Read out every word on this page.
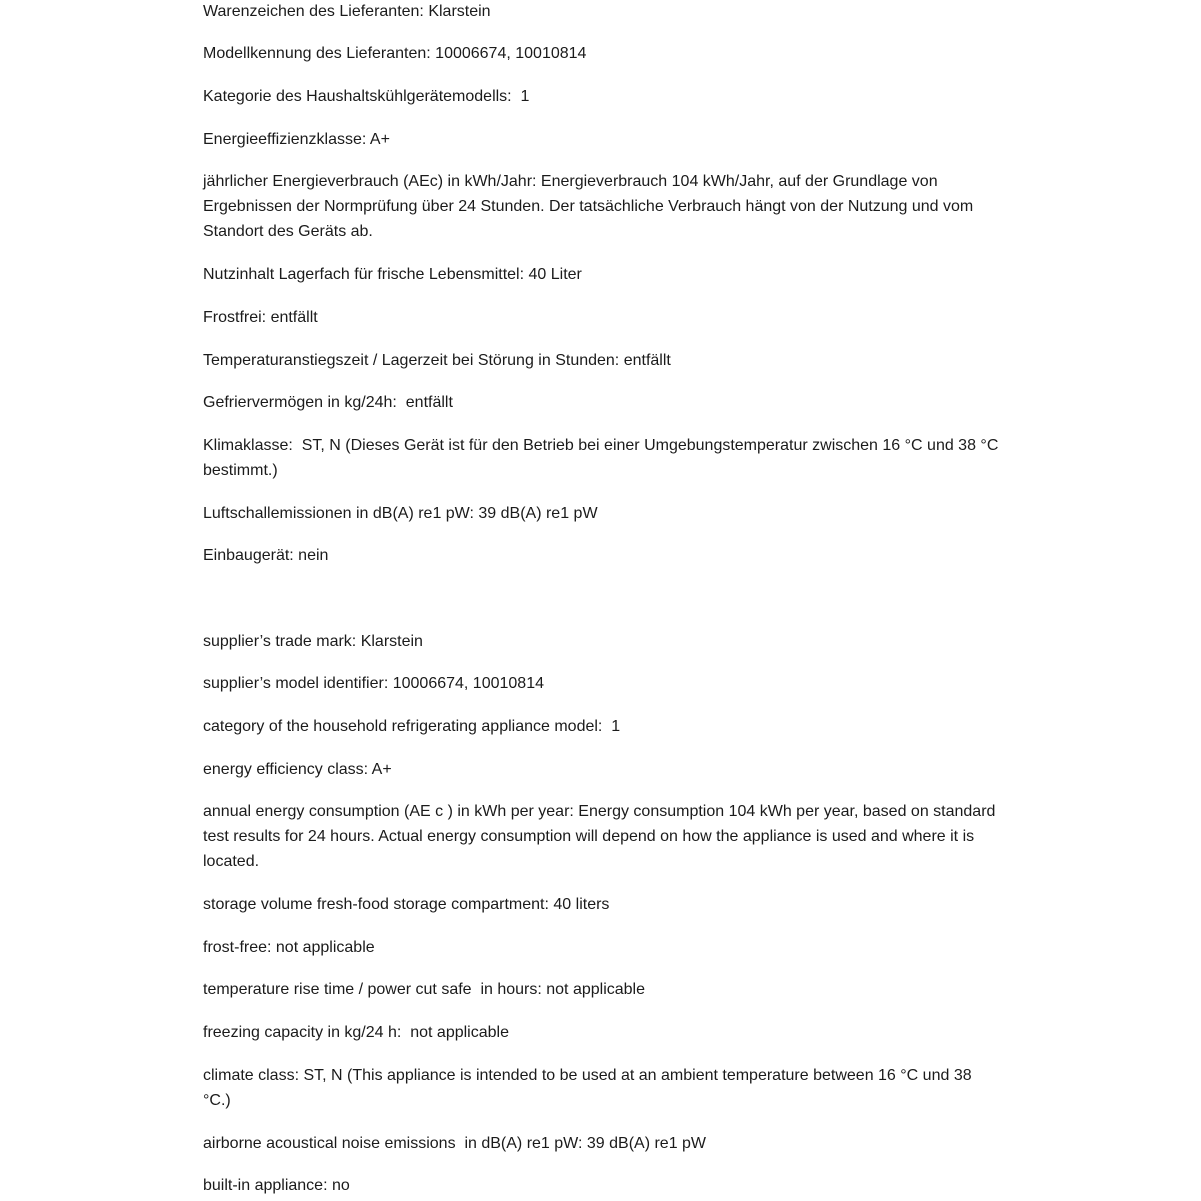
Warenzeichen des Lieferanten: Klarstein

Modellkennung des Lieferanten: 10006674, 10010814

Kategorie des Haushaltskühlgerätemodells:  1

Energieeffizienzklasse: A+

jährlicher Energieverbrauch (AEc) in kWh/Jahr: Energieverbrauch 104 kWh/Jahr, auf der Grundlage von
Ergebnissen der Normprüfung über 24 Stunden. Der tatsächliche Verbrauch hängt von der Nutzung und vom
Standort des Geräts ab.

Nutzinhalt Lagerfach für frische Lebensmittel: 40 Liter

Frostfrei: entfällt

Temperaturanstiegszeit / Lagerzeit bei Störung in Stunden: entfällt

Gefriervermögen in kg/24h:  entfällt

Klimaklasse:  ST, N (Dieses Gerät ist für den Betrieb bei einer Umgebungstemperatur zwischen 16 °C und 38 °C
bestimmt.)

Luftschallemissionen in dB(A) re1 pW: 39 dB(A) re1 pW

Einbaugerät: nein

supplier’s trade mark: Klarstein

supplier’s model identifier: 10006674, 10010814

category of the household refrigerating appliance model:  1

energy efficiency class: A+

annual energy consumption (AE c ) in kWh per year: Energy consumption 104 kWh per year, based on standard
test results for 24 hours. Actual energy consumption will depend on how the appliance is used and where it is
located.

storage volume fresh-food storage compartment: 40 liters

frost-free: not applicable

temperature rise time / power cut safe  in hours: not applicable

freezing capacity in kg/24 h:  not applicable

climate class: ST, N (This appliance is intended to be used at an ambient temperature between 16 °C und 38
°C.)

airborne acoustical noise emissions  in dB(A) re1 pW: 39 dB(A) re1 pW

built-in appliance: no
